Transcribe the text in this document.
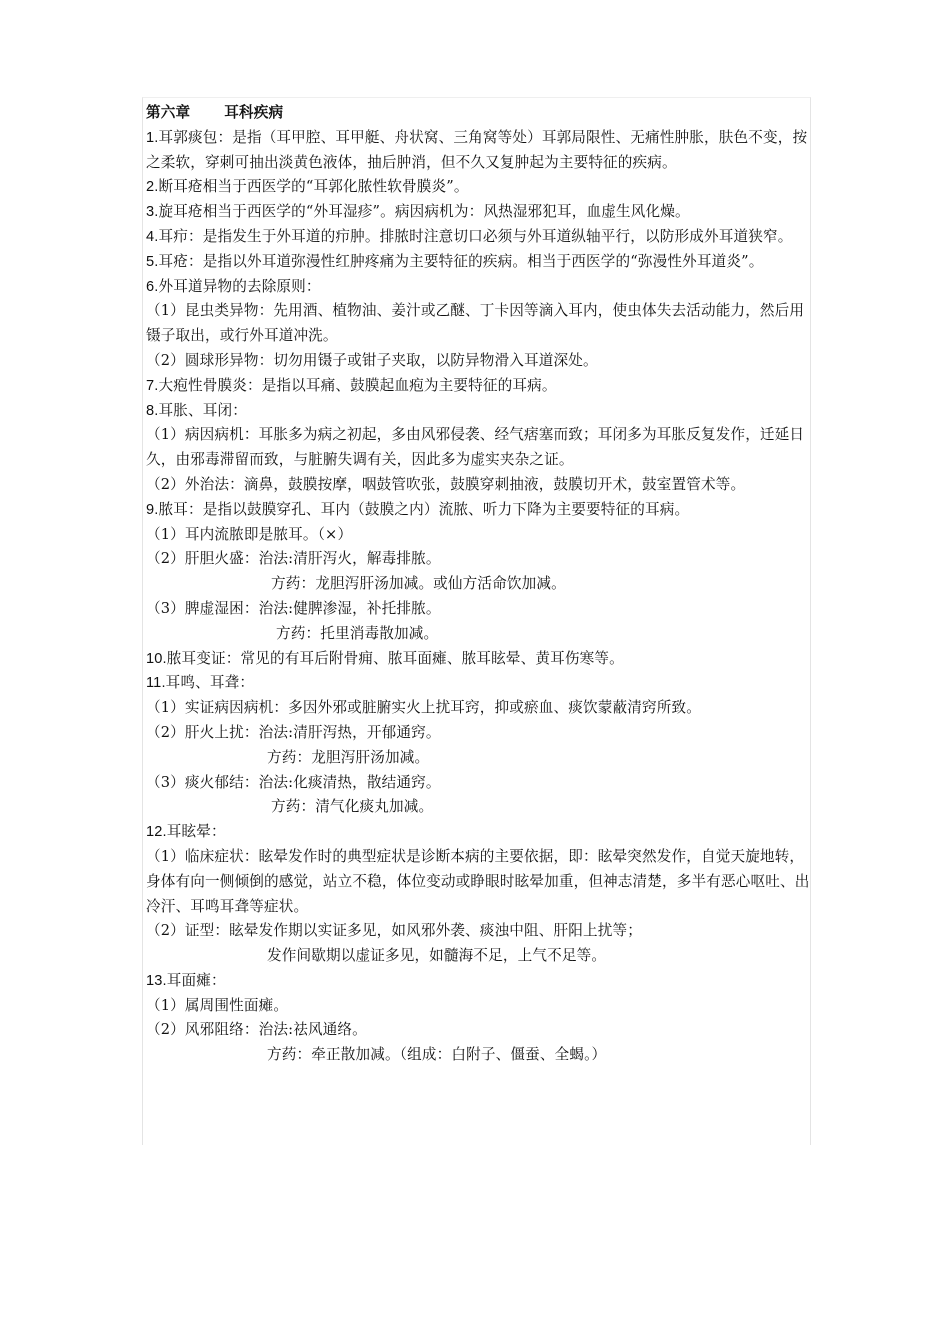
第六章 耳科疾病

1.耳郭痰包：是指（耳甲腔、耳甲艇、舟状窝、三角窝等处）耳郭局限性、无痛性肿胀，肤色不变，按之柔软，穿刺可抽出淡黄色液体，抽后肿消，但不久又复肿起为主要特征的疾病。

2.断耳疮相当于西医学的“耳郭化脓性软骨膜炎”。

3.旋耳疮相当于西医学的“外耳湿疹”。病因病机为：风热湿邪犯耳，血虚生风化燥。

4.耳疖：是指发生于外耳道的疖肿。排脓时注意切口必须与外耳道纵轴平行，以防形成外耳道狭窄。

5.耳疮：是指以外耳道弥漫性红肿疼痛为主要特征的疾病。相当于西医学的“弥漫性外耳道炎”。

6.外耳道异物的去除原则：

（1）昆虫类异物：先用酒、植物油、姜汁或乙醚、丁卡因等滴入耳内，使虫体失去活动能力，然后用镊子取出，或行外耳道冲洗。

（2）圆球形异物：切勿用镊子或钳子夹取，以防异物滑入耳道深处。

7.大疱性骨膜炎：是指以耳痛、鼓膜起血疱为主要特征的耳病。

8.耳胀、耳闭：

（1）病因病机：耳胀多为病之初起，多由风邪侵袭、经气痞塞而致；耳闭多为耳胀反复发作，迁延日久，由邪毒滞留而致，与脏腑失调有关，因此多为虚实夹杂之证。

（2）外治法：滴鼻，鼓膜按摩，咽鼓管吹张，鼓膜穿刺抽液，鼓膜切开术，鼓室置管术等。

9.脓耳：是指以鼓膜穿孔、耳内（鼓膜之内）流脓、听力下降为主要要特征的耳病。

（1）耳内流脓即是脓耳。（×）

（2）肝胆火盛：治法:清肝泻火，解毒排脓。

方药：龙胆泻肝汤加减。或仙方活命饮加减。

（3）脾虚湿困：治法:健脾渗湿，补托排脓。

方药：托里消毒散加减。

10.脓耳变证：常见的有耳后附骨痈、脓耳面瘫、脓耳眩晕、黄耳伤寒等。

11.耳鸣、耳聋：

（1）实证病因病机：多因外邪或脏腑实火上扰耳窍，抑或瘀血、痰饮蒙蔽清窍所致。

（2）肝火上扰：治法:清肝泻热，开郁通窍。

方药：龙胆泻肝汤加减。

（3）痰火郁结：治法:化痰清热，散结通窍。

方药：清气化痰丸加减。

12.耳眩晕：

（1）临床症状：眩晕发作时的典型症状是诊断本病的主要依据，即：眩晕突然发作，自觉天旋地转，身体有向一侧倾倒的感觉，站立不稳，体位变动或睁眼时眩晕加重，但神志清楚，多半有恶心呕吐、出冷汗、耳鸣耳聋等症状。

（2）证型：眩晕发作期以实证多见，如风邪外袭、痰浊中阻、肝阳上扰等；

发作间歇期以虚证多见，如髓海不足，上气不足等。

13.耳面瘫：

（1）属周围性面瘫。

（2）风邪阻络：治法:祛风通络。

方药：牵正散加减。（组成：白附子、僵蚕、全蝎。）
